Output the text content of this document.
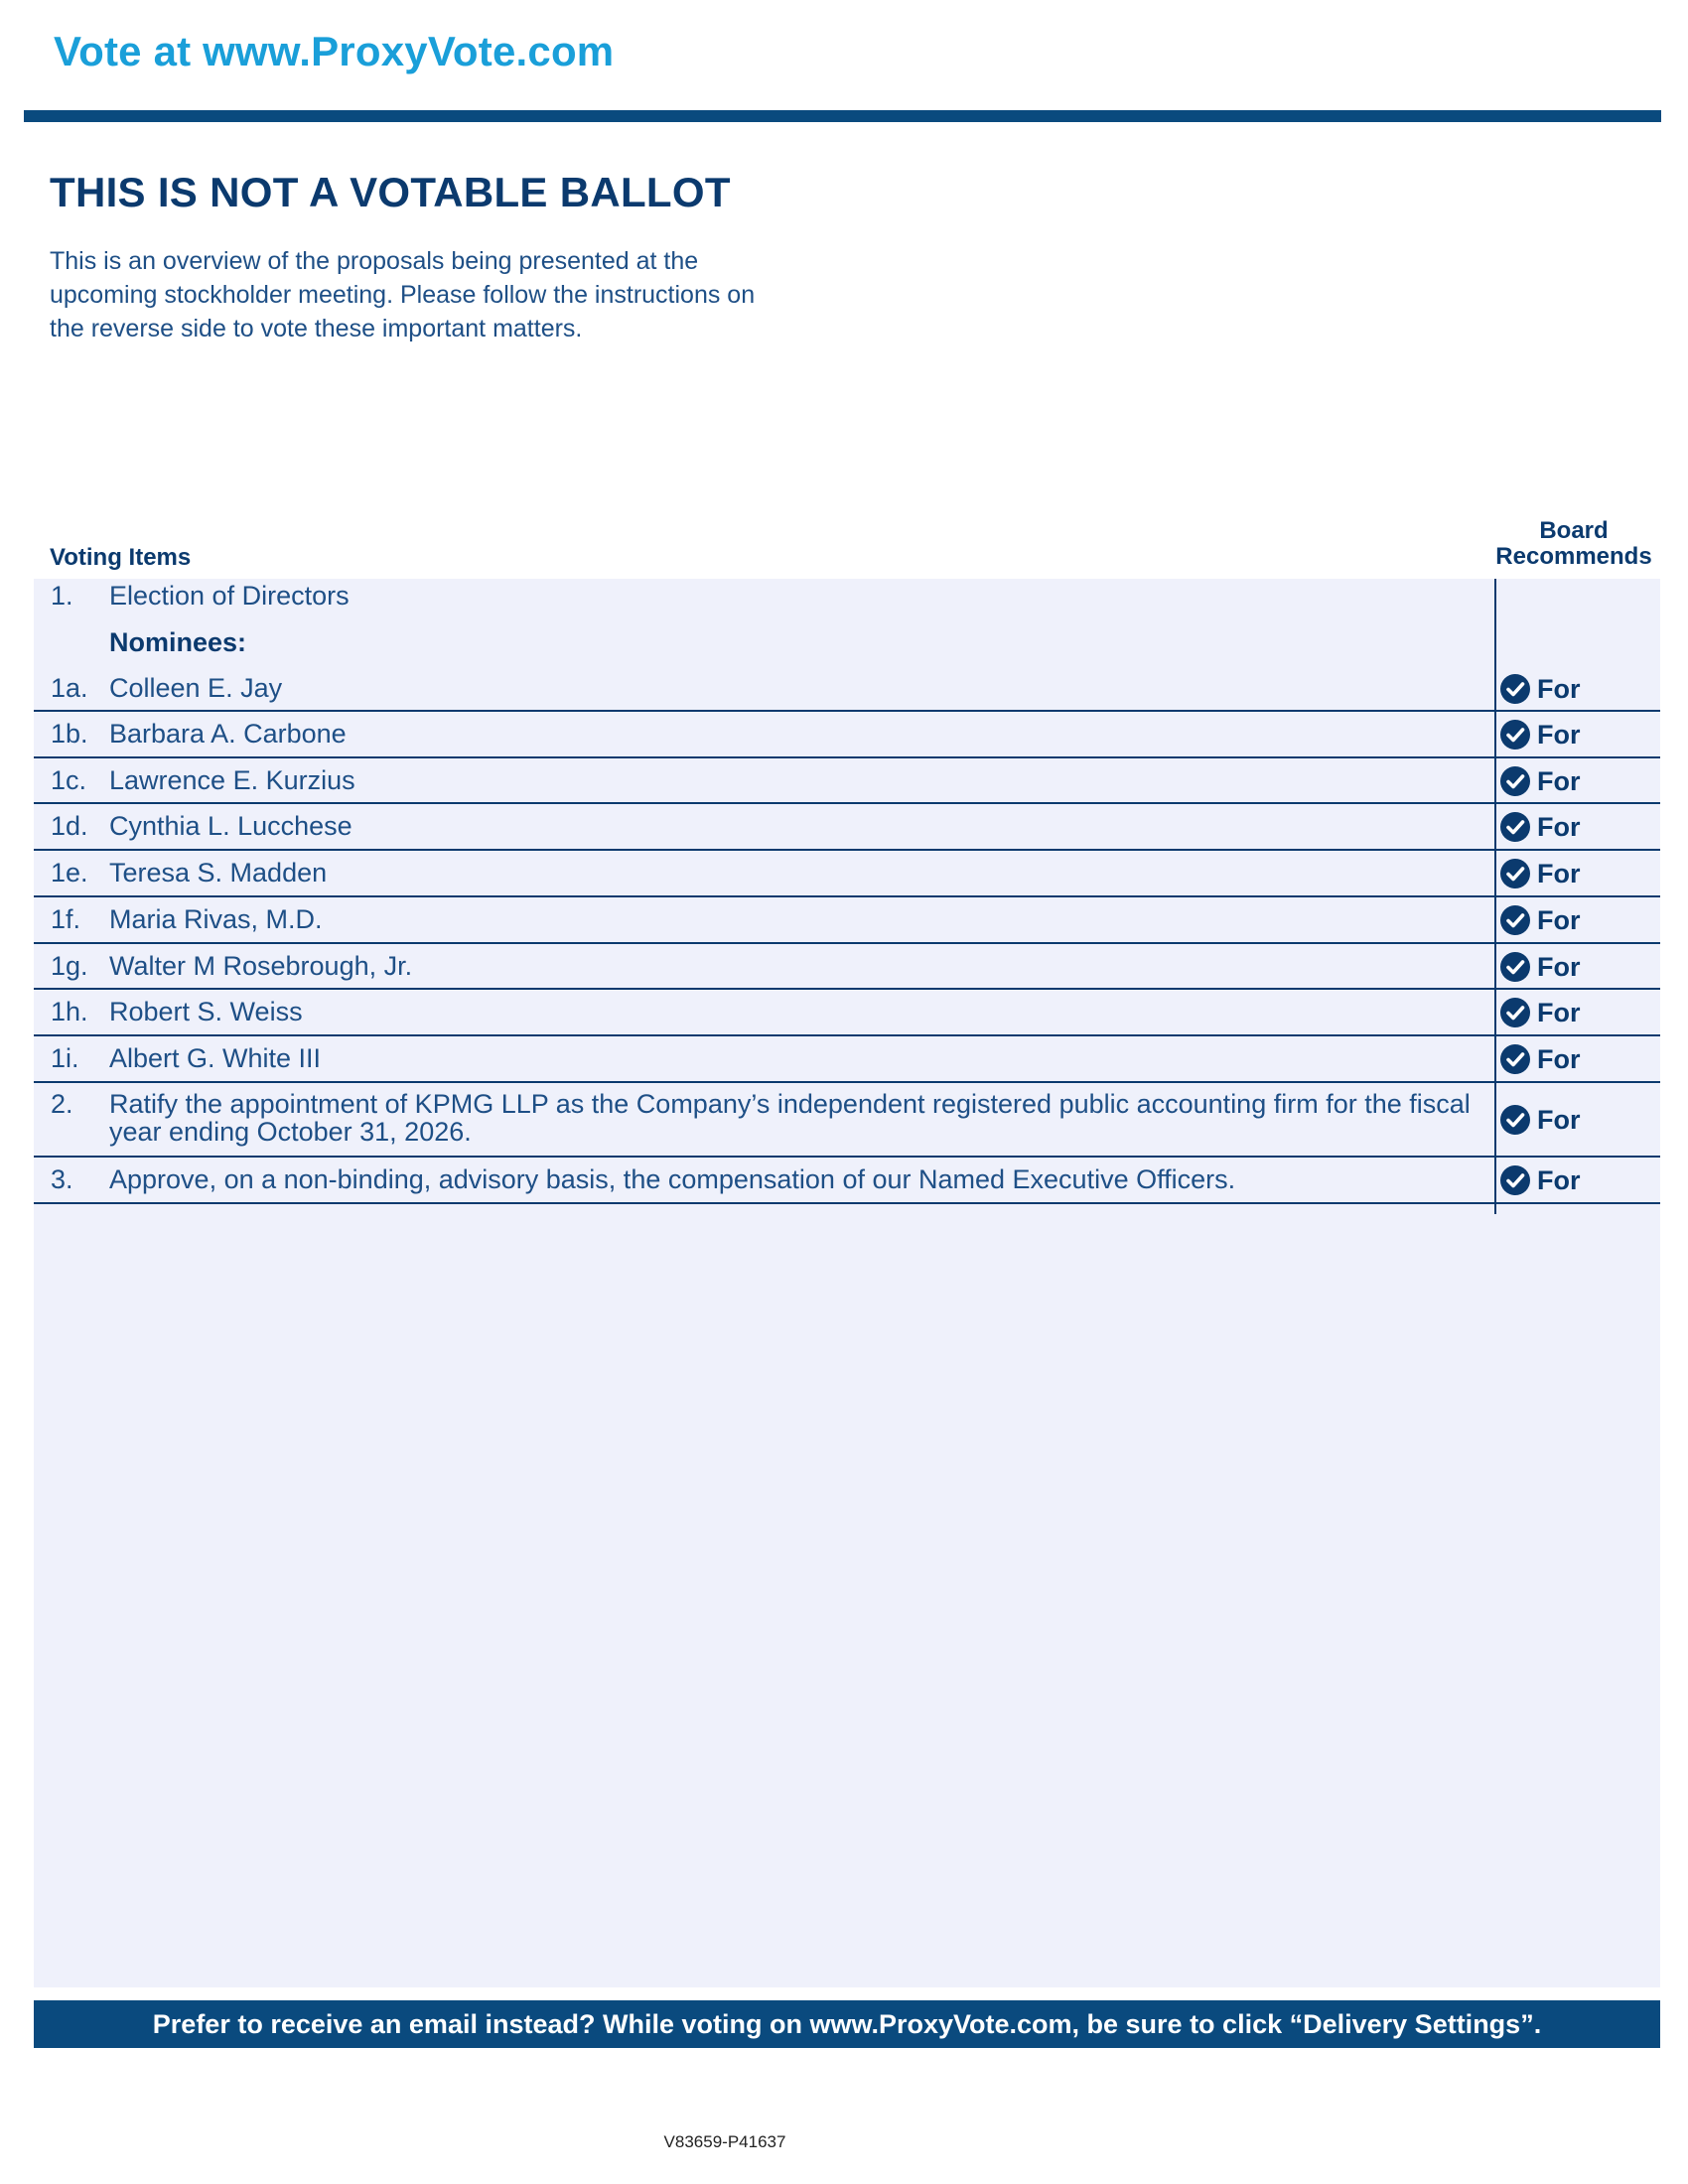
Vote at www.ProxyVote.com
THIS IS NOT A VOTABLE BALLOT
This is an overview of the proposals being presented at the
upcoming stockholder meeting. Please follow the instructions on
the reverse side to vote these important matters.
Voting Items
Board
Recommends
1. Election of Directors
Nominees:
1a. Colleen E. Jay	For
1b. Barbara A. Carbone	For
1c. Lawrence E. Kurzius	For
1d. Cynthia L. Lucchese	For
1e. Teresa S. Madden	For
1f. Maria Rivas, M.D.	For
1g. Walter M Rosebrough, Jr.	For
1h. Robert S. Weiss	For
1i. Albert G. White III	For
2. Ratify the appointment of KPMG LLP as the Company’s independent registered public accounting firm for the fiscal
year ending October 31, 2026.	For
3. Approve, on a non-binding, advisory basis, the compensation of our Named Executive Officers.	For
Prefer to receive an email instead? While voting on www.ProxyVote.com, be sure to click “Delivery Settings”.
V83659-P41637
